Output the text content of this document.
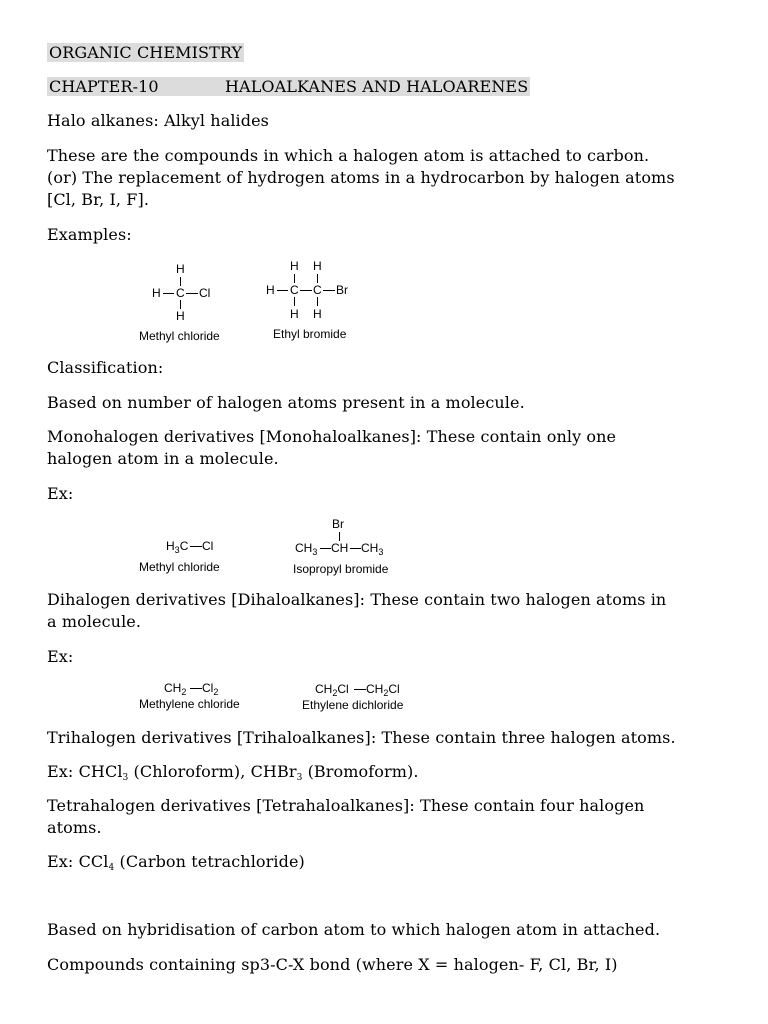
ORGANIC CHEMISTRY

CHAPTER-10	HALOALKANES AND HALOARENES

Halo alkanes: Alkyl halides

These are the compounds in which a halogen atom is attached to carbon.

(or) The replacement of hydrogen atoms in a hydrocarbon by halogen atoms

[Cl, Br, I, F].

Examples:

H
H C Cl
H
Methyl chloride
H H
H C C Br
H H
Ethyl bromide

Classification:

Based on number of halogen atoms present in a molecule.

Monohalogen derivatives [Monohaloalkanes]: These contain only one

halogen atom in a molecule.

Ex:

$H_3C$ Cl
Methyl chloride
Br
$CH_3$ CH $CH_3$
Isopropyl bromide

Dihalogen derivatives [Dihaloalkanes]: These contain two halogen atoms in

a molecule.

Ex:

$CH_2$ $Cl_2$
Methylene chloride
$CH_2Cl$ $CH_2Cl$
Ethylene dichloride

Trihalogen derivatives [Trihaloalkanes]: These contain three halogen atoms.

Ex: CHCl$_3$ (Chloroform), CHBr$_3$ (Bromoform).

Tetrahalogen derivatives [Tetrahaloalkanes]: These contain four halogen

atoms.

Ex: CCl$_4$ (Carbon tetrachloride)

Based on hybridisation of carbon atom to which halogen atom in attached.

Compounds containing sp3-C-X bond (where X = halogen- F, Cl, Br, I)
